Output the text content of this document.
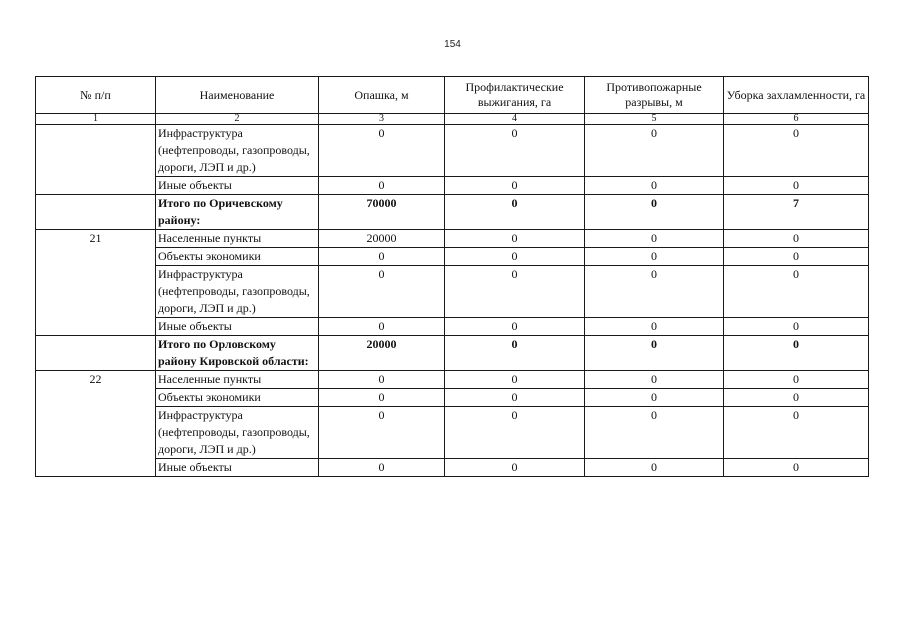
154
№ п/п	Наименование	Опашка, м	Профилактические выжигания, га	Противопожарные разрывы, м	Уборка захламленности, га
1	2	3	4	5	6
	Инфраструктура (нефтепроводы, газопроводы, дороги, ЛЭП и др.)	0	0	0	0
	Иные объекты	0	0	0	0
	Итого по Оричевскому району:	70000	0	0	7
21	Населенные пункты	20000	0	0	0
	Объекты экономики	0	0	0	0
	Инфраструктура (нефтепроводы, газопроводы, дороги, ЛЭП и др.)	0	0	0	0
	Иные объекты	0	0	0	0
	Итого по Орловскому району Кировской области:	20000	0	0	0
22	Населенные пункты	0	0	0	0
	Объекты экономики	0	0	0	0
	Инфраструктура (нефтепроводы, газопроводы, дороги, ЛЭП и др.)	0	0	0	0
	Иные объекты	0	0	0	0
